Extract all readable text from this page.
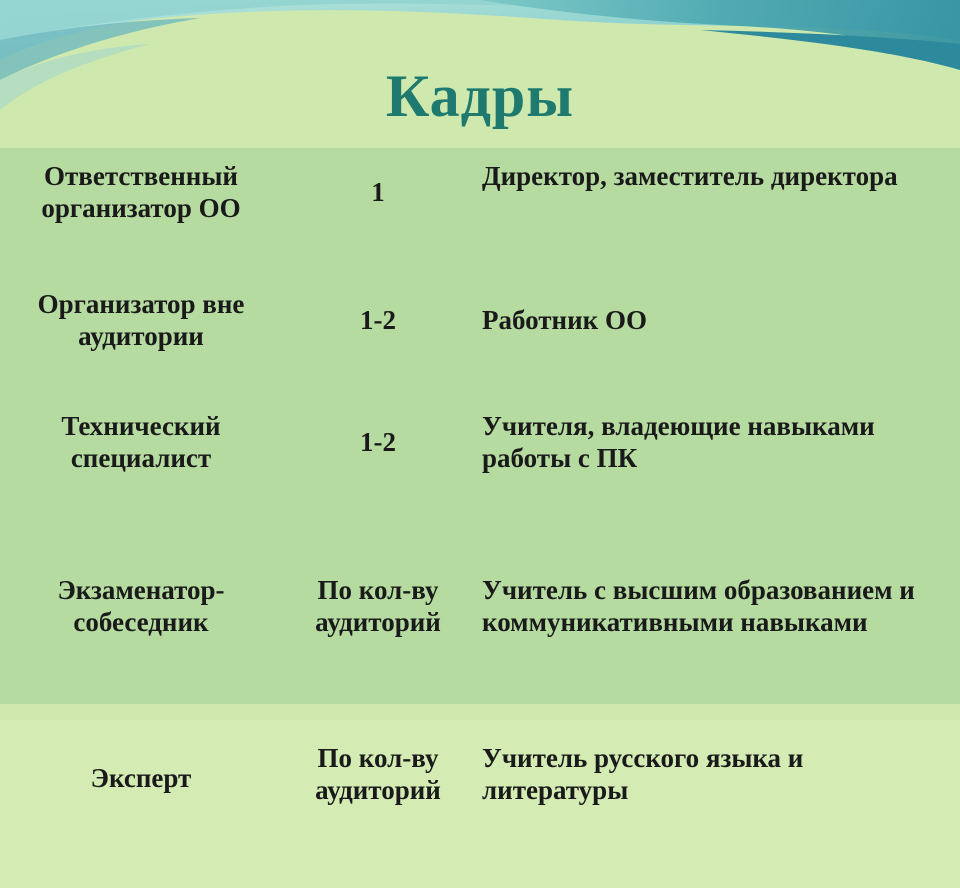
Кадры
Ответственный организатор ОО	1	Директор, заместитель директора
Организатор вне аудитории	1-2	Работник ОО
Технический специалист	1-2	Учителя, владеющие навыками работы с ПК
Экзаменатор-собеседник	По кол-ву аудиторий	Учитель с высшим образованием и коммуникативными навыками
Эксперт	По кол-ву аудиторий	Учитель русского языка и литературы
